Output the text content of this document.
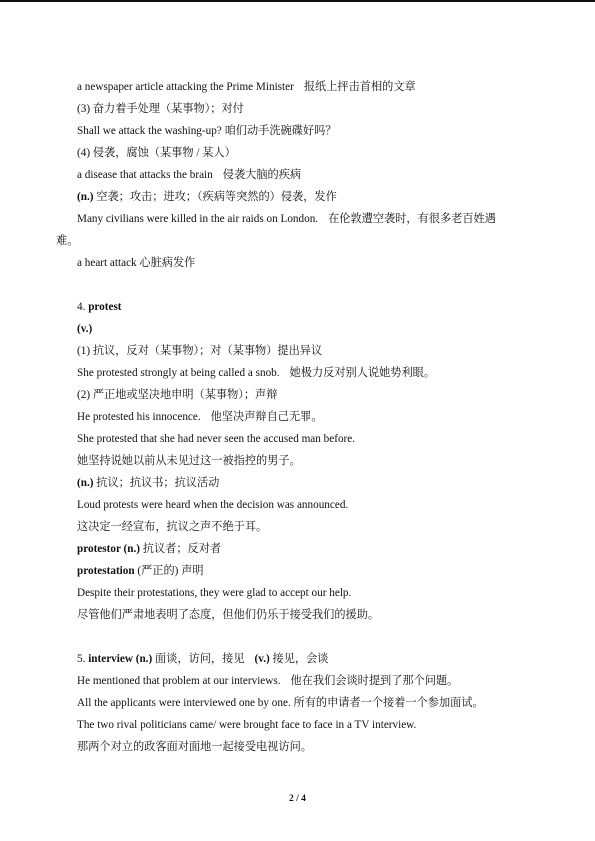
a newspaper article attacking the Prime Minister 报纸上抨击首相的文章
(3) 奋力着手处理（某事物）；对付
Shall we attack the washing-up? 咱们动手洗碗碟好吗？
(4) 侵袭，腐蚀（某事物 / 某人）
a disease that attacks the brain 侵袭大脑的疾病
(n.) 空袭；攻击；进攻；（疾病等突然的）侵袭，发作
Many civilians were killed in the air raids on London. 在伦敦遭空袭时，有很多老百姓遇
难。
a heart attack 心脏病发作
4. protest
(v.)
(1) 抗议，反对（某事物）；对（某事物）提出异议
She protested strongly at being called a snob. 她极力反对别人说她势利眼。
(2) 严正地或坚决地申明（某事物）；声辩
He protested his innocence. 他坚决声辩自己无罪。
She protested that she had never seen the accused man before.
她坚持说她以前从未见过这一被指控的男子。
(n.) 抗议；抗议书；抗议活动
Loud protests were heard when the decision was announced.
这决定一经宣布，抗议之声不绝于耳。
protestor (n.) 抗议者；反对者
protestation (严正的) 声明
Despite their protestations, they were glad to accept our help.
尽管他们严肃地表明了态度，但他们仍乐于接受我们的援助。
5. interview (n.) 面谈，访问，接见 (v.) 接见，会谈
He mentioned that problem at our interviews. 他在我们会谈时提到了那个问题。
All the applicants were interviewed one by one. 所有的申请者一个接着一个参加面试。
The two rival politicians came/ were brought face to face in a TV interview.
那两个对立的政客面对面地一起接受电视访问。
2 / 4
